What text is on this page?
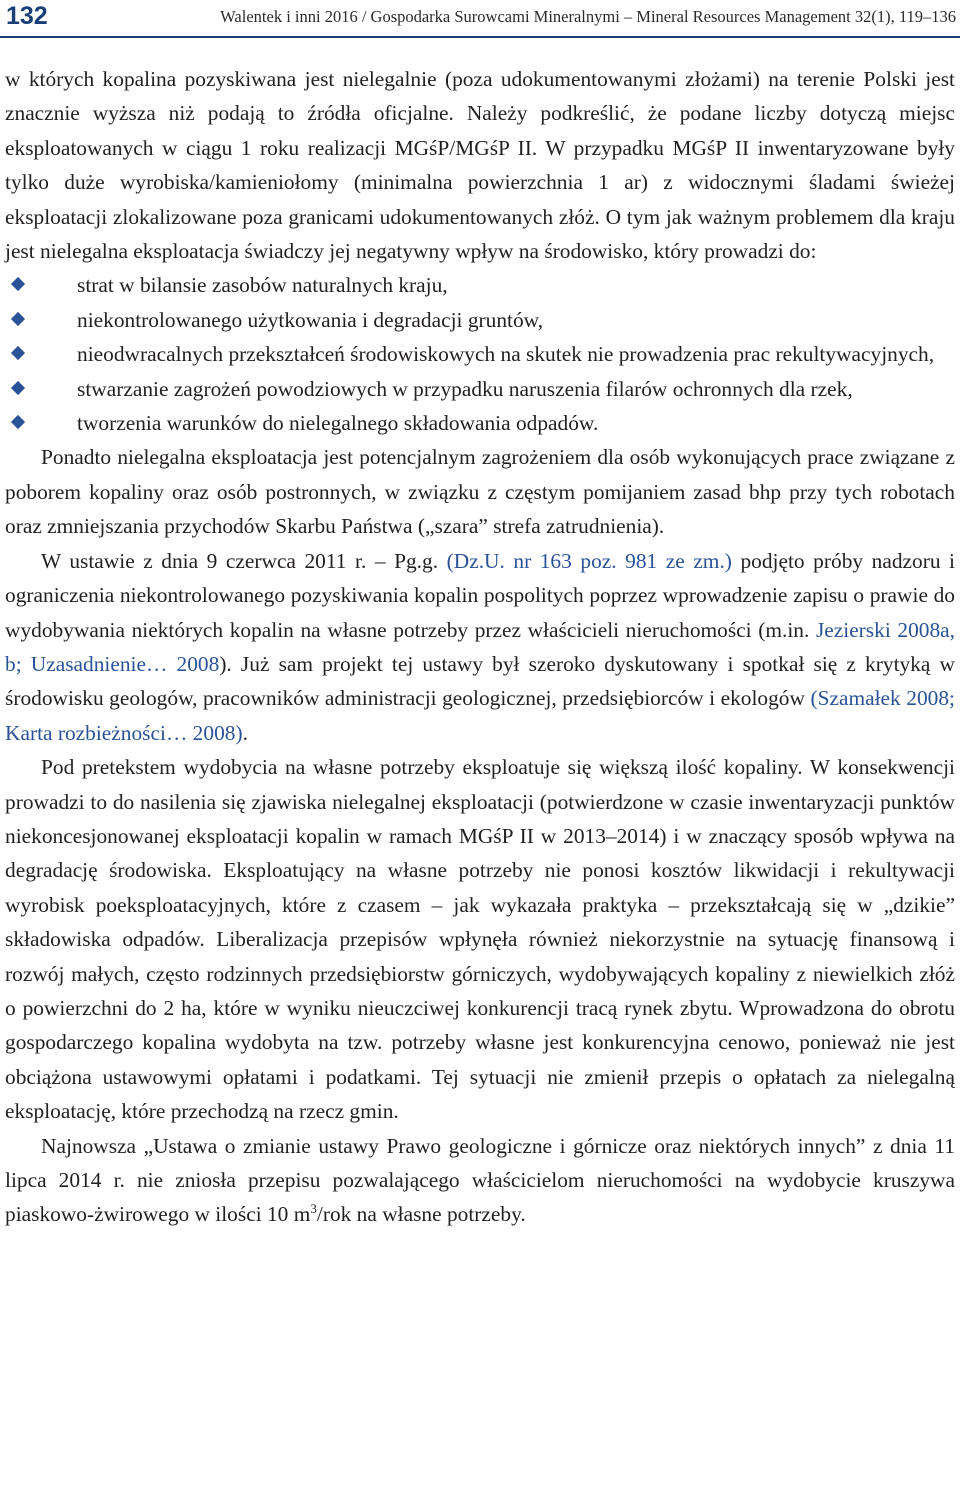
132	Walentek i inni 2016 / Gospodarka Surowcami Mineralnymi – Mineral Resources Management 32(1), 119–136

w których kopalina pozyskiwana jest nielegalnie (poza udokumentowanymi złożami) na terenie Polski jest znacznie wyższa niż podają to źródła oficjalne. Należy podkreślić, że podane liczby dotyczą miejsc eksploatowanych w ciągu 1 roku realizacji MGśP/MGśP II. W przypadku MGśP II inwentaryzowane były tylko duże wyrobiska/kamieniołomy (minimalna powierzchnia 1 ar) z widocznymi śladami świeżej eksploatacji zlokalizowane poza granicami udokumentowanych złóż. O tym jak ważnym problemem dla kraju jest nielegalna eksploatacja świadczy jej negatywny wpływ na środowisko, który prowadzi do:

strat w bilansie zasobów naturalnych kraju,
niekontrolowanego użytkowania i degradacji gruntów,
nieodwracalnych przekształceń środowiskowych na skutek nie prowadzenia prac rekultywacyjnych,
stwarzanie zagrożeń powodziowych w przypadku naruszenia filarów ochronnych dla rzek,
tworzenia warunków do nielegalnego składowania odpadów.

Ponadto nielegalna eksploatacja jest potencjalnym zagrożeniem dla osób wykonujących prace związane z poborem kopaliny oraz osób postronnych, w związku z częstym pomijaniem zasad bhp przy tych robotach oraz zmniejszania przychodów Skarbu Państwa („szara” strefa zatrudnienia).

W ustawie z dnia 9 czerwca 2011 r. – Pg.g. (Dz.U. nr 163 poz. 981 ze zm.) podjęto próby nadzoru i ograniczenia niekontrolowanego pozyskiwania kopalin pospolitych poprzez wprowadzenie zapisu o prawie do wydobywania niektórych kopalin na własne potrzeby przez właścicieli nieruchomości (m.in. Jezierski 2008a, b; Uzasadnienie… 2008). Już sam projekt tej ustawy był szeroko dyskutowany i spotkał się z krytyką w środowisku geologów, pracowników administracji geologicznej, przedsiębiorców i ekologów (Szamałek 2008; Karta rozbieżności… 2008).

Pod pretekstem wydobycia na własne potrzeby eksploatuje się większą ilość kopaliny. W konsekwencji prowadzi to do nasilenia się zjawiska nielegalnej eksploatacji (potwierdzone w czasie inwentaryzacji punktów niekoncesjonowanej eksploatacji kopalin w ramach MGśP II w 2013–2014) i w znaczący sposób wpływa na degradację środowiska. Eksploatujący na własne potrzeby nie ponosi kosztów likwidacji i rekultywacji wyrobisk poeksploatacyjnych, które z czasem – jak wykazała praktyka – przekształcają się w „dzikie” składowiska odpadów. Liberalizacja przepisów wpłynęła również niekorzystnie na sytuację finansową i rozwój małych, często rodzinnych przedsiębiorstw górniczych, wydobywających kopaliny z niewielkich złóż o powierzchni do 2 ha, które w wyniku nieuczciwej konkurencji tracą rynek zbytu. Wprowadzona do obrotu gospodarczego kopalina wydobyta na tzw. potrzeby własne jest konkurencyjna cenowo, ponieważ nie jest obciążona ustawowymi opłatami i podatkami. Tej sytuacji nie zmienił przepis o opłatach za nielegalną eksploatację, które przechodzą na rzecz gmin.

Najnowsza „Ustawa o zmianie ustawy Prawo geologiczne i górnicze oraz niektórych innych” z dnia 11 lipca 2014 r. nie zniosła przepisu pozwalającego właścicielom nieruchomości na wydobycie kruszywa piaskowo-żwirowego w ilości 10 $m^3$/rok na własne potrzeby.
